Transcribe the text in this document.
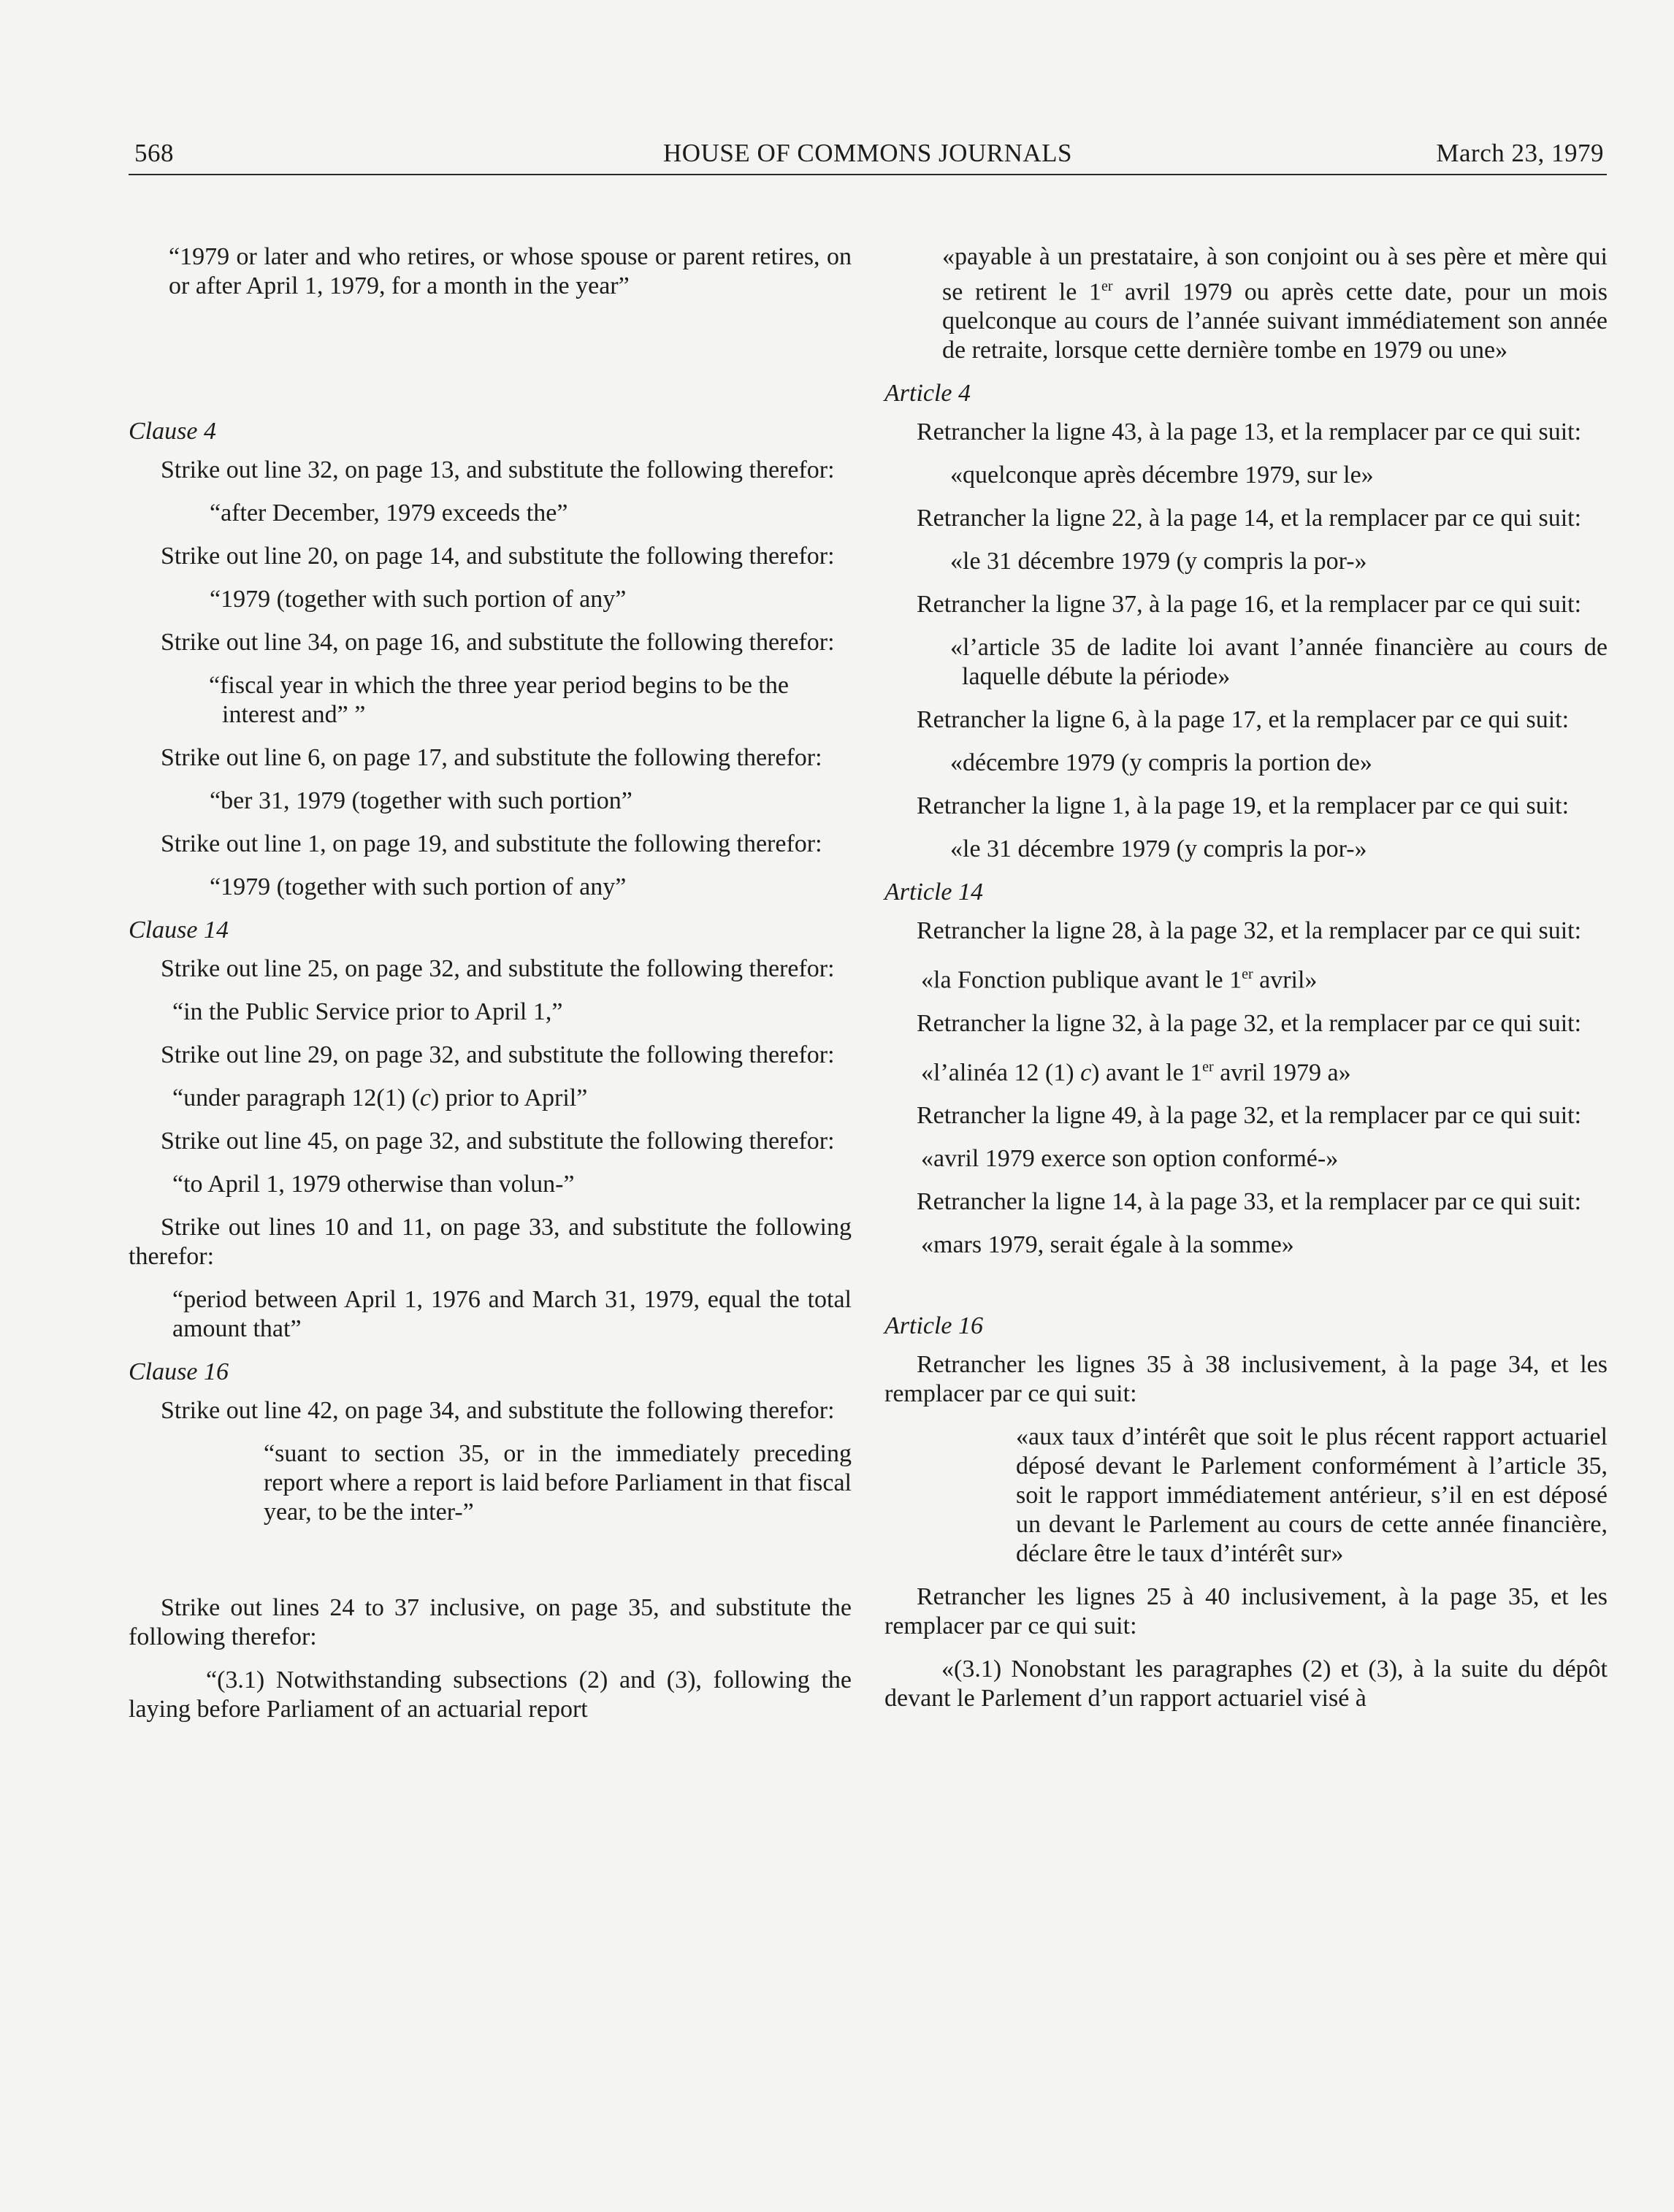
568	HOUSE OF COMMONS JOURNALS	March 23, 1979
“1979 or later and who retires, or whose spouse or parent retires, on or after April 1, 1979, for a month in the year”
Clause 4
Strike out line 32, on page 13, and substitute the following therefor:
“after December, 1979 exceeds the”
Strike out line 20, on page 14, and substitute the following therefor:
“1979 (together with such portion of any”
Strike out line 34, on page 16, and substitute the following therefor:
“fiscal year in which the three year period begins to be the interest and” ”
Strike out line 6, on page 17, and substitute the following therefor:
“ber 31, 1979 (together with such portion”
Strike out line 1, on page 19, and substitute the following therefor:
“1979 (together with such portion of any”
Clause 14
Strike out line 25, on page 32, and substitute the following therefor:
“in the Public Service prior to April 1,”
Strike out line 29, on page 32, and substitute the following therefor:
“under paragraph 12(1) (c) prior to April”
Strike out line 45, on page 32, and substitute the following therefor:
“to April 1, 1979 otherwise than volun-”
Strike out lines 10 and 11, on page 33, and substitute the following therefor:
“period between April 1, 1976 and March 31, 1979, equal the total amount that”
Clause 16
Strike out line 42, on page 34, and substitute the following therefor:
“suant to section 35, or in the immediately preceding report where a report is laid before Parliament in that fiscal year, to be the inter-”
Strike out lines 24 to 37 inclusive, on page 35, and substitute the following therefor:
“(3.1) Notwithstanding subsections (2) and (3), following the laying before Parliament of an actuarial report
«payable à un prestataire, à son conjoint ou à ses père et mère qui se retirent le 1er avril 1979 ou après cette date, pour un mois quelconque au cours de l’année suivant immédiatement son année de retraite, lorsque cette dernière tombe en 1979 ou une»
Article 4
Retrancher la ligne 43, à la page 13, et la remplacer par ce qui suit:
«quelconque après décembre 1979, sur le»
Retrancher la ligne 22, à la page 14, et la remplacer par ce qui suit:
«le 31 décembre 1979 (y compris la por-»
Retrancher la ligne 37, à la page 16, et la remplacer par ce qui suit:
«l’article 35 de ladite loi avant l’année financière au cours de laquelle débute la période»
Retrancher la ligne 6, à la page 17, et la remplacer par ce qui suit:
«décembre 1979 (y compris la portion de»
Retrancher la ligne 1, à la page 19, et la remplacer par ce qui suit:
«le 31 décembre 1979 (y compris la por-»
Article 14
Retrancher la ligne 28, à la page 32, et la remplacer par ce qui suit:
«la Fonction publique avant le 1er avril»
Retrancher la ligne 32, à la page 32, et la remplacer par ce qui suit:
«l’alinéa 12 (1) c) avant le 1er avril 1979 a»
Retrancher la ligne 49, à la page 32, et la remplacer par ce qui suit:
«avril 1979 exerce son option conformé-»
Retrancher la ligne 14, à la page 33, et la remplacer par ce qui suit:
«mars 1979, serait égale à la somme»
Article 16
Retrancher les lignes 35 à 38 inclusivement, à la page 34, et les remplacer par ce qui suit:
«aux taux d’intérêt que soit le plus récent rapport actuariel déposé devant le Parlement conformément à l’article 35, soit le rapport immédiatement antérieur, s’il en est déposé un devant le Parlement au cours de cette année financière, déclare être le taux d’intérêt sur»
Retrancher les lignes 25 à 40 inclusivement, à la page 35, et les remplacer par ce qui suit:
«(3.1) Nonobstant les paragraphes (2) et (3), à la suite du dépôt devant le Parlement d’un rapport actuariel visé à
